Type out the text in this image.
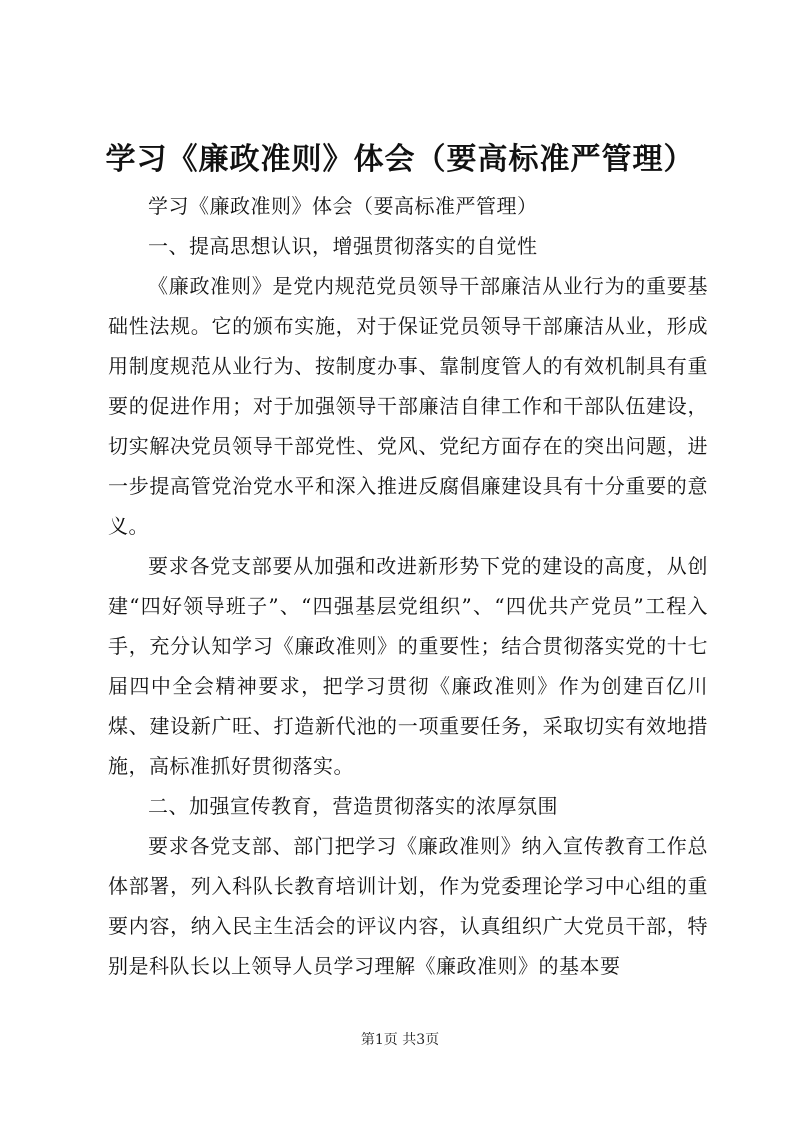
学习《廉政准则》体会（要高标准严管理）

学习《廉政准则》体会（要高标准严管理）

一、提高思想认识，增强贯彻落实的自觉性

《廉政准则》是党内规范党员领导干部廉洁从业行为的重要基础性法规。它的颁布实施，对于保证党员领导干部廉洁从业，形成用制度规范从业行为、按制度办事、靠制度管人的有效机制具有重要的促进作用；对于加强领导干部廉洁自律工作和干部队伍建设，切实解决党员领导干部党性、党风、党纪方面存在的突出问题，进一步提高管党治党水平和深入推进反腐倡廉建设具有十分重要的意义。

要求各党支部要从加强和改进新形势下党的建设的高度，从创建“四好领导班子”、“四强基层党组织”、“四优共产党员”工程入手，充分认知学习《廉政准则》的重要性；结合贯彻落实党的十七届四中全会精神要求，把学习贯彻《廉政准则》作为创建百亿川煤、建设新广旺、打造新代池的一项重要任务，采取切实有效地措施，高标准抓好贯彻落实。

二、加强宣传教育，营造贯彻落实的浓厚氛围

要求各党支部、部门把学习《廉政准则》纳入宣传教育工作总体部署，列入科队长教育培训计划，作为党委理论学习中心组的重要内容，纳入民主生活会的评议内容，认真组织广大党员干部，特别是科队长以上领导人员学习理解《廉政准则》的基本要

第1页 共3页
